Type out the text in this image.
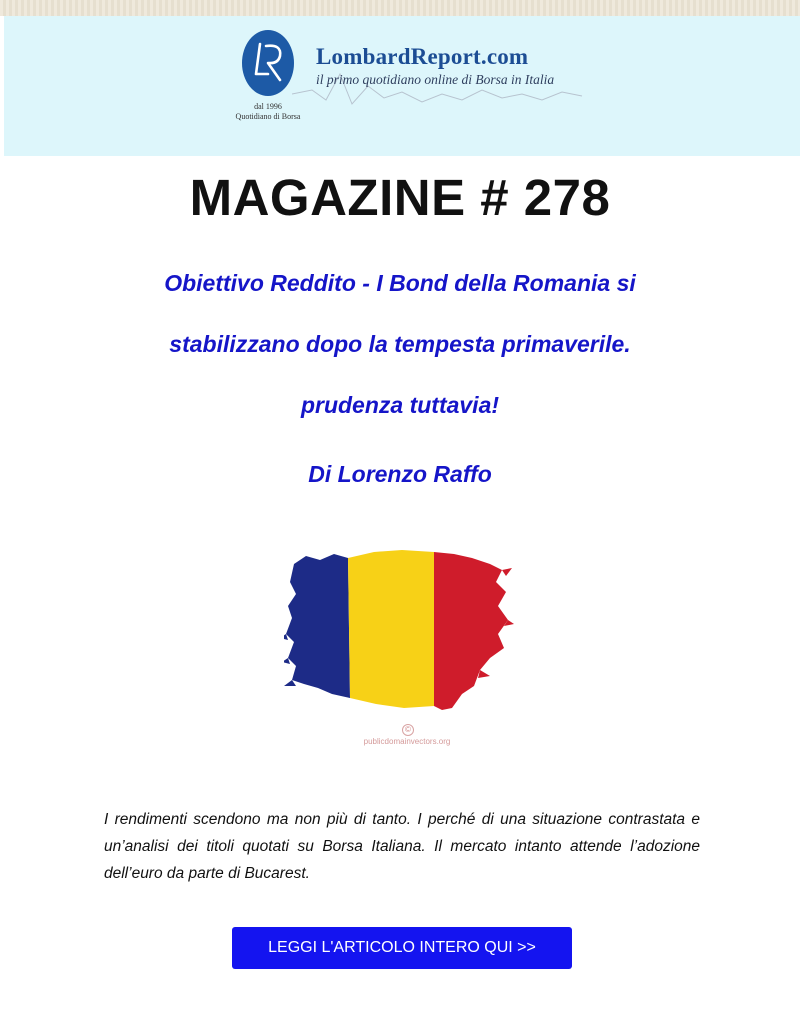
dal 1996
Quotidiano di Borsa
LombardReport.com
il primo quotidiano online di Borsa in Italia
MAGAZINE # 278
Obiettivo Reddito - I Bond della Romania si
stabilizzano dopo la tempesta primaverile.
prudenza tuttavia!
Di Lorenzo Raffo
©
publicdomainvectors.org
I rendimenti scendono ma non più di tanto. I perché di una situazione contrastata e un’analisi dei titoli quotati su Borsa Italiana. Il mercato intanto attende l’adozione dell’euro da parte di Bucarest.
LEGGI L'ARTICOLO INTERO QUI >>
